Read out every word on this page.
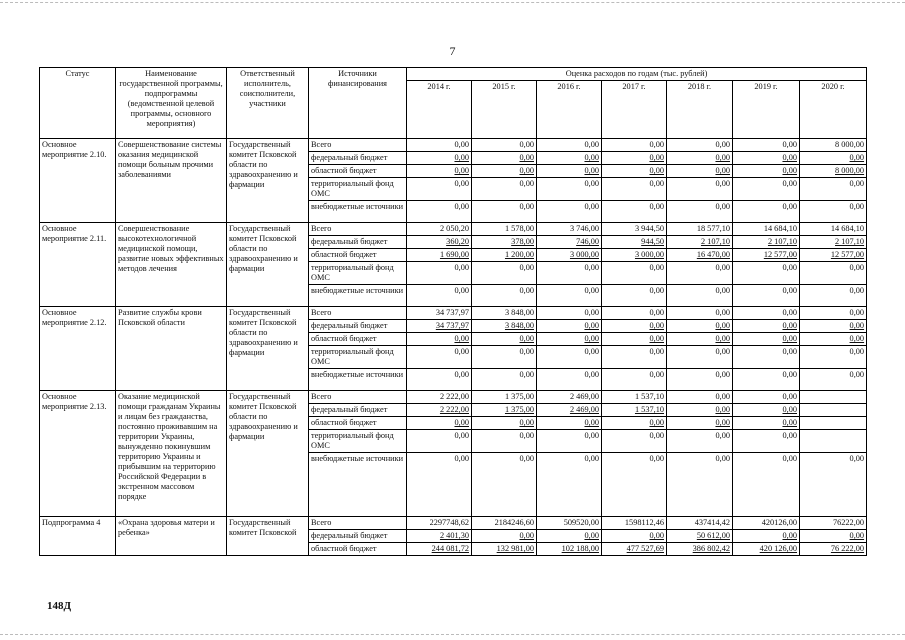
7
Статус	Наименование государственной программы, подпрограммы (ведомственной целевой программы, основного мероприятия)	Ответственный исполнитель, соисполнители, участники	Источники финансирования	Оценка расходов по годам (тыс. рублей)						
				2014 г.	2015 г.	2016 г.	2017 г.	2018 г.	2019 г.	2020 г.
Основное мероприятие 2.10.	Совершенствование системы оказания медицинской помощи больным прочими заболеваниями	Государственный комитет Псковской области по здравоохранению и фармации	Всего	0,00	0,00	0,00	0,00	0,00	0,00	8 000,00
			федеральный бюджет	0,00	0,00	0,00	0,00	0,00	0,00	0,00
			областной бюджет	0,00	0,00	0,00	0,00	0,00	0,00	8 000,00
			территориальный фонд ОМС	0,00	0,00	0,00	0,00	0,00	0,00	0,00
			внебюджетные источники	0,00	0,00	0,00	0,00	0,00	0,00	0,00
Основное мероприятие 2.11.	Совершенствование высокотехнологичной медицинской помощи, развитие новых эффективных методов лечения	Государственный комитет Псковской области по здравоохранению и фармации	Всего	2 050,20	1 578,00	3 746,00	3 944,50	18 577,10	14 684,10	14 684,10
			федеральный бюджет	360,20	378,00	746,00	944,50	2 107,10	2 107,10	2 107,10
			областной бюджет	1 690,00	1 200,00	3 000,00	3 000,00	16 470,00	12 577,00	12 577,00
			территориальный фонд ОМС	0,00	0,00	0,00	0,00	0,00	0,00	0,00
			внебюджетные источники	0,00	0,00	0,00	0,00	0,00	0,00	0,00
Основное мероприятие 2.12.	Развитие службы крови Псковской области	Государственный комитет Псковской области по здравоохранению и фармации	Всего	34 737,97	3 848,00	0,00	0,00	0,00	0,00	0,00
			федеральный бюджет	34 737,97	3 848,00	0,00	0,00	0,00	0,00	0,00
			областной бюджет	0,00	0,00	0,00	0,00	0,00	0,00	0,00
			территориальный фонд ОМС	0,00	0,00	0,00	0,00	0,00	0,00	0,00
			внебюджетные источники	0,00	0,00	0,00	0,00	0,00	0,00	0,00
Основное мероприятие 2.13.	Оказание медицинской помощи гражданам Украины и лицам без гражданства, постоянно проживавшим на территории Украины, вынужденно покинувшим территорию Украины и прибывшим на территорию Российской Федерации в экстренном массовом порядке	Государственный комитет Псковской области по здравоохранению и фармации	Всего	2 222,00	1 375,00	2 469,00	1 537,10	0,00	0,00	
			федеральный бюджет	2 222,00	1 375,00	2 469,00	1 537,10	0,00	0,00	
			областной бюджет	0,00	0,00	0,00	0,00	0,00	0,00	
			территориальный фонд ОМС	0,00	0,00	0,00	0,00	0,00	0,00	
			внебюджетные источники	0,00	0,00	0,00	0,00	0,00	0,00	0,00
Подпрограмма 4	«Охрана здоровья матери и ребенка»	Государственный комитет Псковской	Всего	2297748,62	2184246,60	509520,00	1598112,46	437414,42	420126,00	76222,00
			федеральный бюджет	2 401,30	0,00	0,00	0,00	50 612,00	0,00	0,00
			областной бюджет	244 081,72	132 981,00	102 188,00	477 527,69	386 802,42	420 126,00	76 222,00
148Д
